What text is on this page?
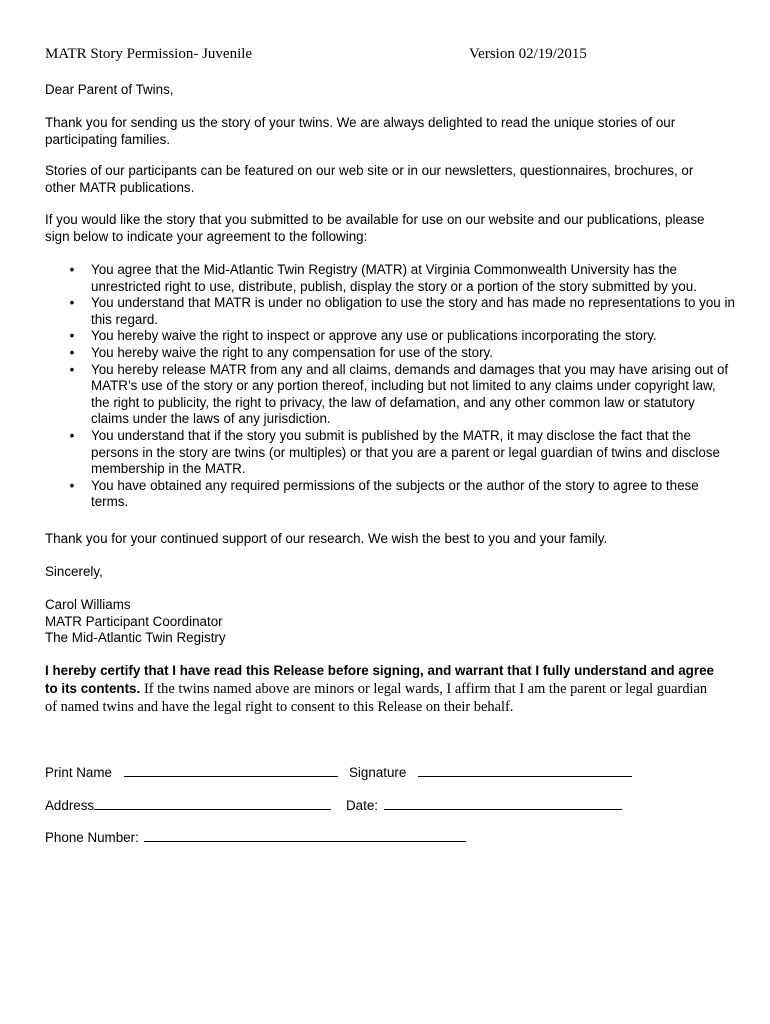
MATR Story Permission- Juvenile	Version 02/19/2015

Dear Parent of Twins,

Thank you for sending us the story of your twins. We are always delighted to read the unique stories of our participating families.

Stories of our participants can be featured on our web site or in our newsletters, questionnaires, brochures, or other MATR publications.

If you would like the story that you submitted to be available for use on our website and our publications, please sign below to indicate your agreement to the following:

• You agree that the Mid-Atlantic Twin Registry (MATR) at Virginia Commonwealth University has the unrestricted right to use, distribute, publish, display the story or a portion of the story submitted by you.
• You understand that MATR is under no obligation to use the story and has made no representations to you in this regard.
• You hereby waive the right to inspect or approve any use or publications incorporating the story.
• You hereby waive the right to any compensation for use of the story.
• You hereby release MATR from any and all claims, demands and damages that you may have arising out of MATR’s use of the story or any portion thereof, including but not limited to any claims under copyright law, the right to publicity, the right to privacy, the law of defamation, and any other common law or statutory claims under the laws of any jurisdiction.
• You understand that if the story you submit is published by the MATR, it may disclose the fact that the persons in the story are twins (or multiples) or that you are a parent or legal guardian of twins and disclose membership in the MATR.
• You have obtained any required permissions of the subjects or the author of the story to agree to these terms.

Thank you for your continued support of our research. We wish the best to you and your family.

Sincerely,

Carol Williams

MATR Participant Coordinator

The Mid-Atlantic Twin Registry

I hereby certify that I have read this Release before signing, and warrant that I fully understand and agree to its contents. If the twins named above are minors or legal wards, I affirm that I am the parent or legal guardian of named twins and have the legal right to consent to this Release on their behalf.

Print Name	Signature
Address	Date:
Phone Number:
